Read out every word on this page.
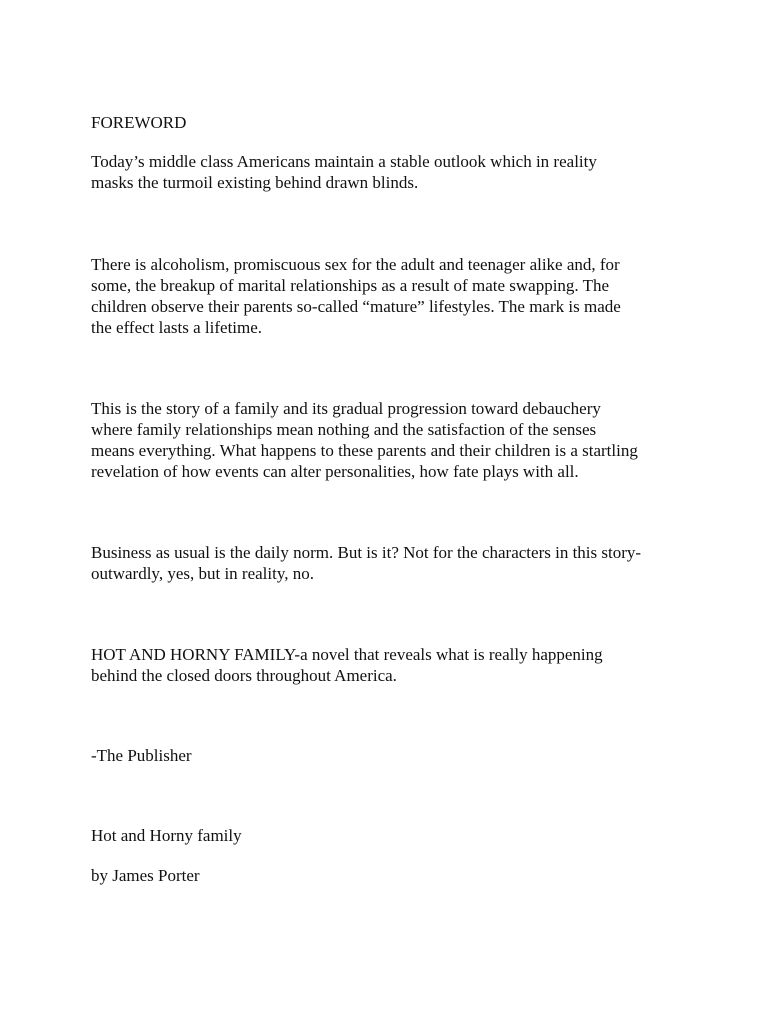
FOREWORD

Today’s middle class Americans maintain a stable outlook which in reality
masks the turmoil existing behind drawn blinds.

There is alcoholism, promiscuous sex for the adult and teenager alike and, for
some, the breakup of marital relationships as a result of mate swapping. The
children observe their parents so-called “mature” lifestyles. The mark is made
the effect lasts a lifetime.

This is the story of a family and its gradual progression toward debauchery
where family relationships mean nothing and the satisfaction of the senses
means everything. What happens to these parents and their children is a startling
revelation of how events can alter personalities, how fate plays with all.

Business as usual is the daily norm. But is it? Not for the characters in this story-
outwardly, yes, but in reality, no.

HOT AND HORNY FAMILY-a novel that reveals what is really happening
behind the closed doors throughout America.

-The Publisher

Hot and Horny family

by James Porter
